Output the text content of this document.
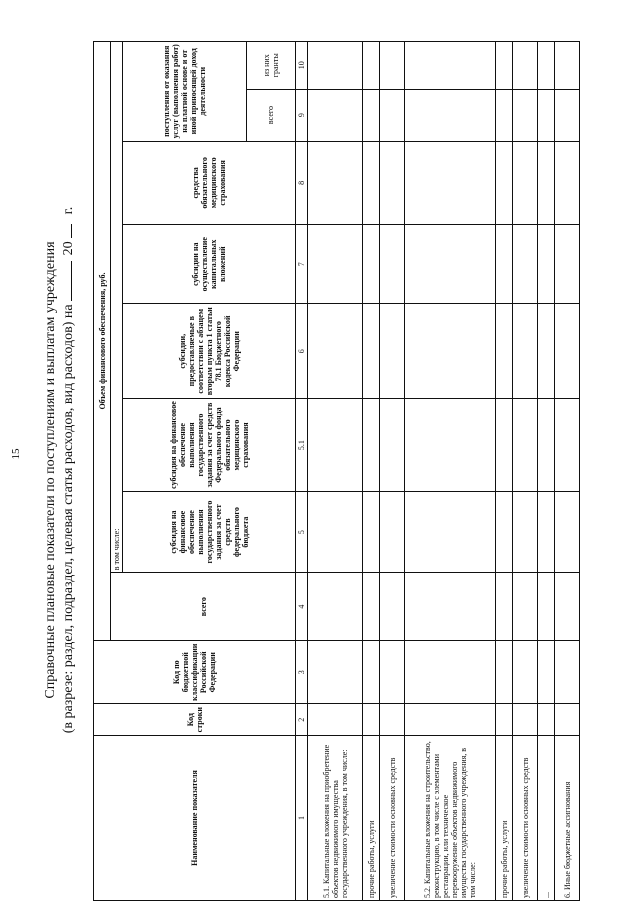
15 Справочные плановые показатели по поступлениям и выплатам учреждения (в разрезе: раздел, подраздел, целевая статья расходов, вид расходов) на  20  г.
Наименование показателя	Код строки	Код по бюджетной классификации Российской Федерации	Объем финансового обеспечения, руб.							
			всего	в том числе:						
				субсидия на финансовое обеспечение выполнения государственного задания за счет средств федерального бюджета	субсидия на финансовое обеспечение выполнения государственного задания за счет средств Федерального фонда обязательного медицинского страхования	субсидии, предоставляемые в соответствии с абзацем вторым пункта 1 статьи 78.1 Бюджетного кодекса Российской Федерации	субсидии на осуществление капитальных вложений	средства обязательного медицинского страхования	поступления от оказания услуг (выполнения работ) на платной основе и от иной приносящей доход деятельности	
									всего	из них гранты
1	2	3	4	5	5.1	6	7	8	9	10
5.1. Капитальные вложения на приобретение объектов недвижимого имущества государственного учреждения, в том числе:										
прочие работы, услуги										
увеличение стоимости основных средств										
5.2. Капитальные вложения на строительство, реконструкцию, в том числе с элементами реставрации, или техническое перевооружение объектов недвижимого имущества государственного учреждения, в том числе:										
прочие работы, услуги										
увеличение стоимости основных средств										
...										
6. Иные бюджетные ассигнования										
